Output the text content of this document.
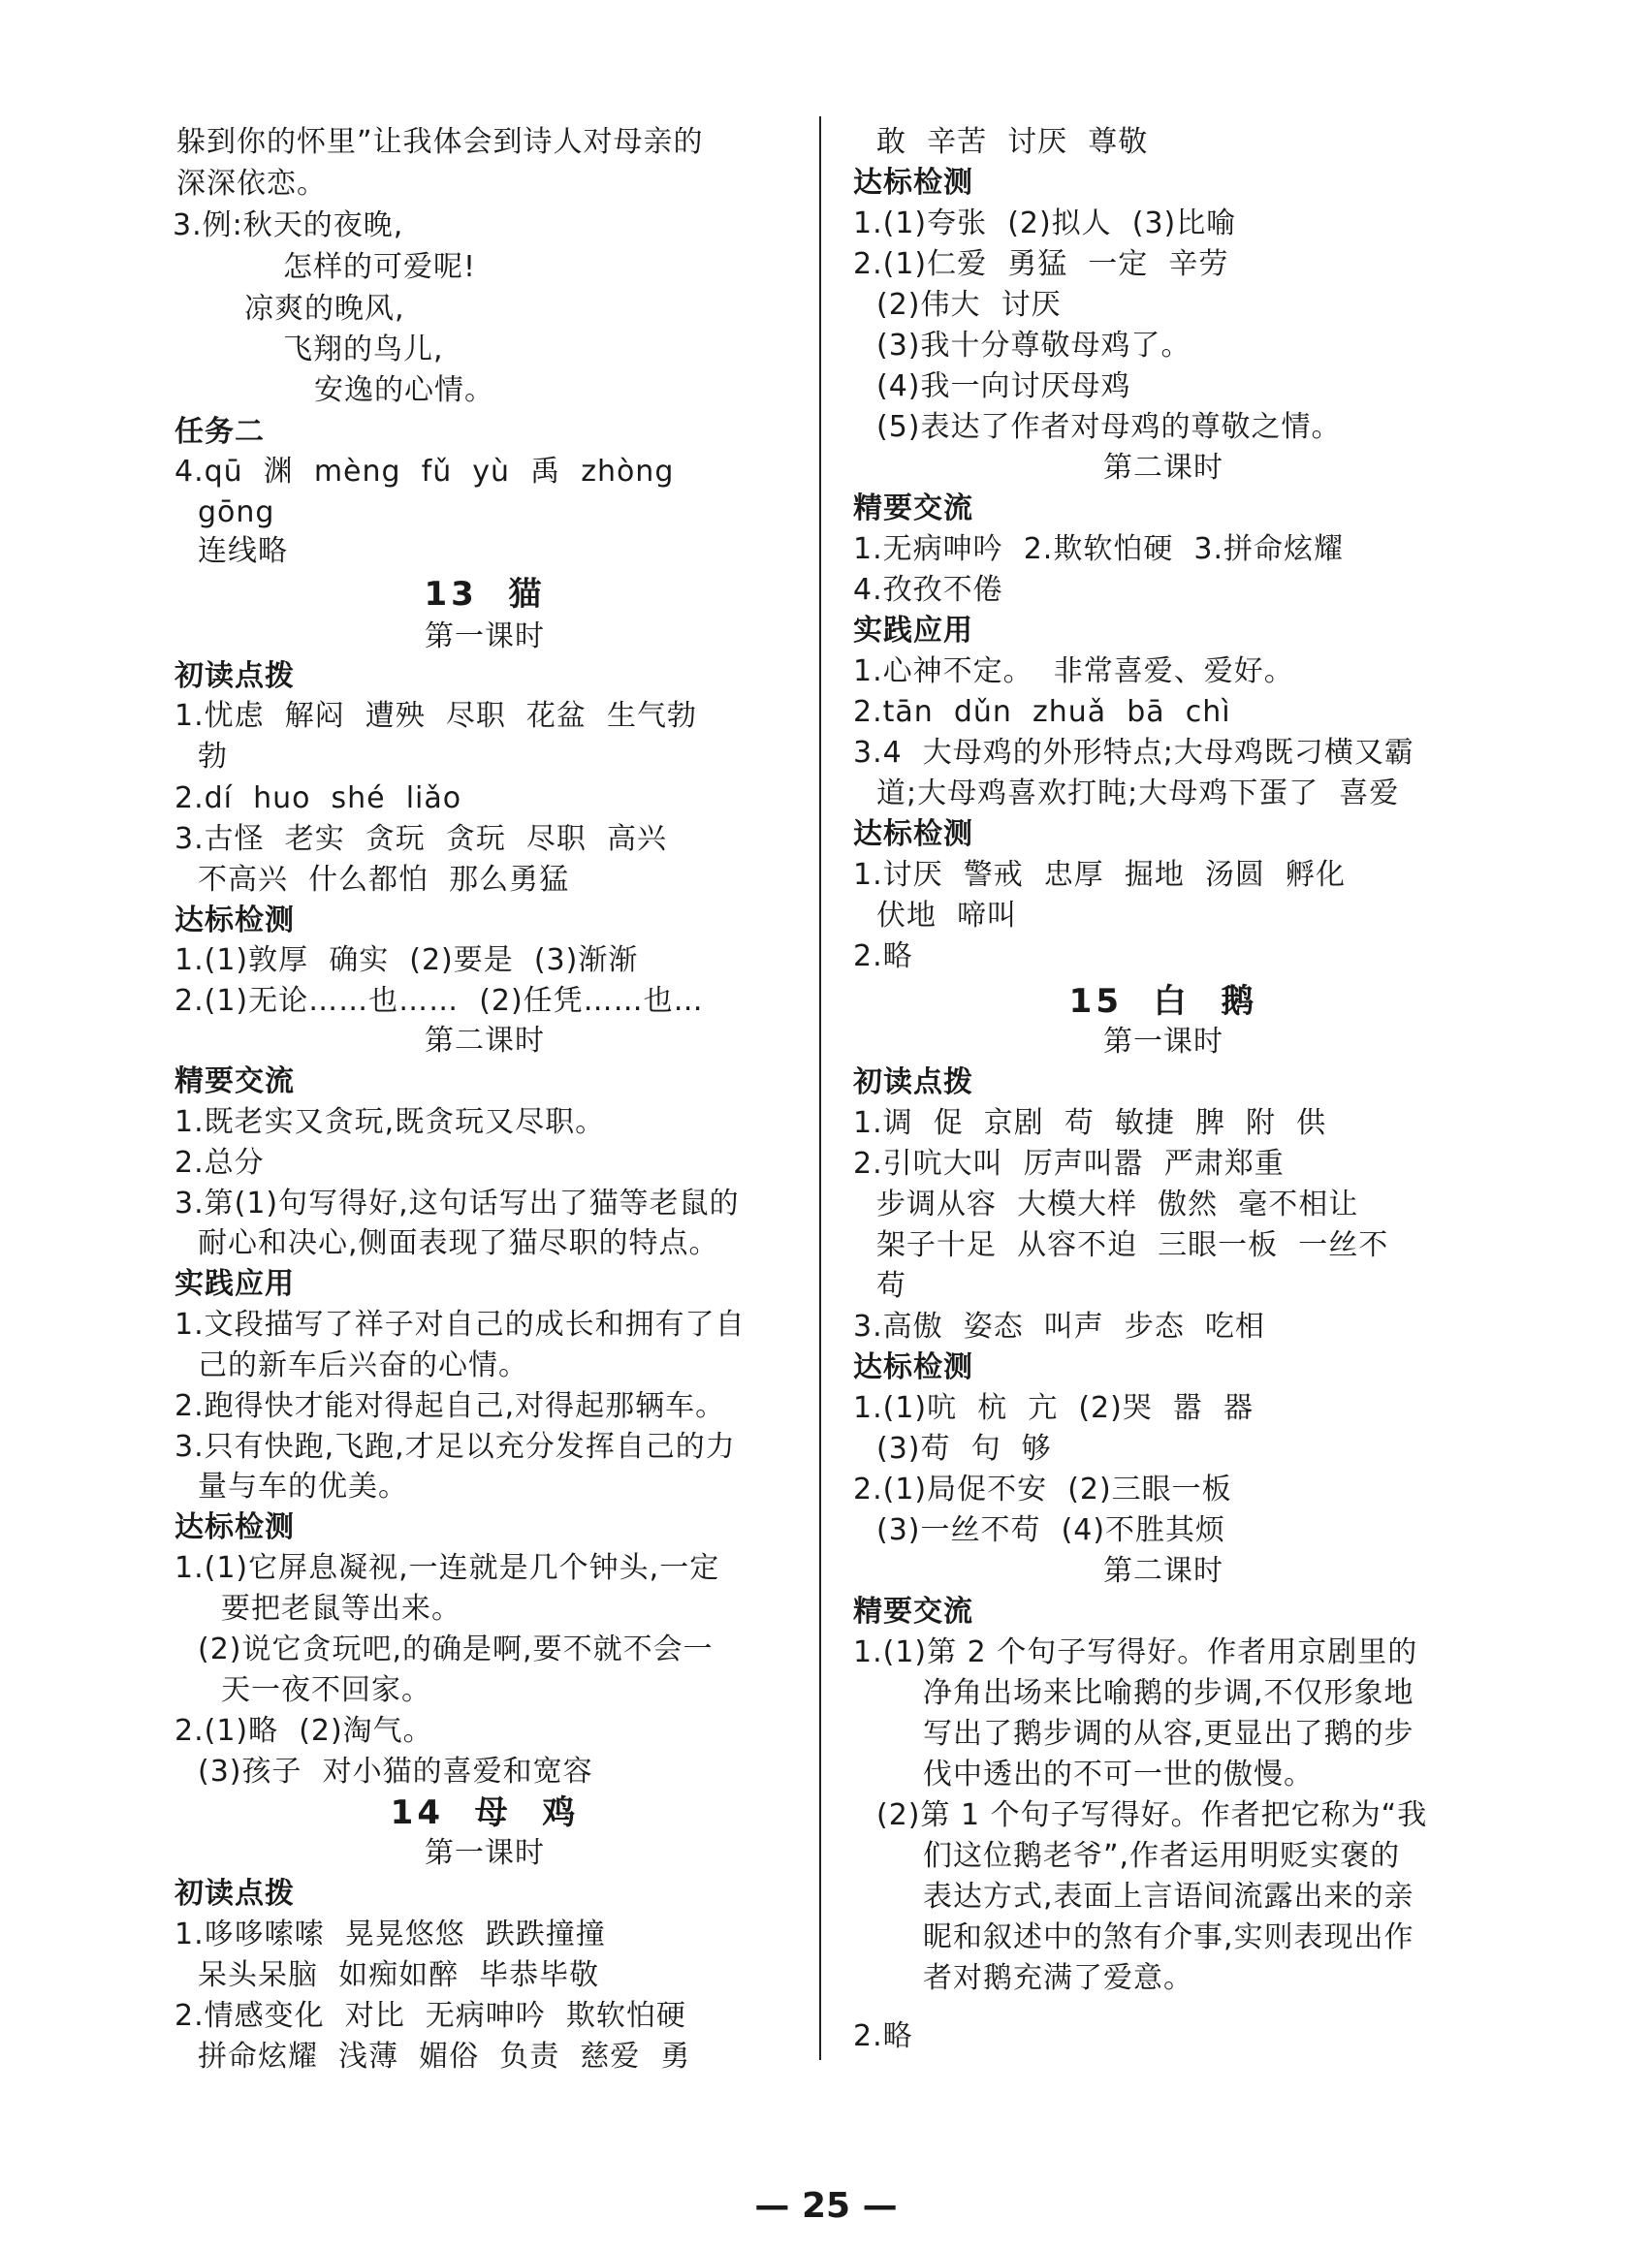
躲到你的怀里”让我体会到诗人对母亲的
深深依恋。
3.例:秋天的夜晚,
怎样的可爱呢!
凉爽的晚风,
飞翔的鸟儿,
安逸的心情。
任务二
4.qū  渊  mèng  fǔ  yù  禹  zhòng
gōng
连线略
13  猫
第一课时
初读点拨
1.忧虑  解闷  遭殃  尽职  花盆  生气勃
勃
2.dí  huo  shé  liǎo
3.古怪  老实  贪玩  贪玩  尽职  高兴
不高兴  什么都怕  那么勇猛
达标检测
1.(1)敦厚  确实  (2)要是  (3)渐渐
2.(1)无论……也……  (2)任凭……也…
第二课时
精要交流
1.既老实又贪玩,既贪玩又尽职。
2.总分
3.第(1)句写得好,这句话写出了猫等老鼠的
耐心和决心,侧面表现了猫尽职的特点。
实践应用
1.文段描写了祥子对自己的成长和拥有了自
己的新车后兴奋的心情。
2.跑得快才能对得起自己,对得起那辆车。
3.只有快跑,飞跑,才足以充分发挥自己的力
量与车的优美。
达标检测
1.(1)它屏息凝视,一连就是几个钟头,一定
要把老鼠等出来。
(2)说它贪玩吧,的确是啊,要不就不会一
天一夜不回家。
2.(1)略  (2)淘气。
(3)孩子  对小猫的喜爱和宽容
14  母  鸡
第一课时
初读点拨
1.哆哆嗦嗦  晃晃悠悠  跌跌撞撞
呆头呆脑  如痴如醉  毕恭毕敬
2.情感变化  对比  无病呻吟  欺软怕硬
拼命炫耀  浅薄  媚俗  负责  慈爱  勇
敢  辛苦  讨厌  尊敬
达标检测
1.(1)夸张  (2)拟人  (3)比喻
2.(1)仁爱  勇猛  一定  辛劳
(2)伟大  讨厌
(3)我十分尊敬母鸡了。
(4)我一向讨厌母鸡
(5)表达了作者对母鸡的尊敬之情。
第二课时
精要交流
1.无病呻吟  2.欺软怕硬  3.拼命炫耀
4.孜孜不倦
实践应用
1.心神不定。  非常喜爱、爱好。
2.tān  dǔn  zhuǎ  bā  chì
3.4  大母鸡的外形特点;大母鸡既刁横又霸
道;大母鸡喜欢打盹;大母鸡下蛋了  喜爱
达标检测
1.讨厌  警戒  忠厚  掘地  汤圆  孵化
伏地  啼叫
2.略
15  白  鹅
第一课时
初读点拨
1.调  促  京剧  苟  敏捷  脾  附  供
2.引吭大叫  厉声叫嚣  严肃郑重
步调从容  大模大样  傲然  毫不相让
架子十足  从容不迫  三眼一板  一丝不
苟
3.高傲  姿态  叫声  步态  吃相
达标检测
1.(1)吭  杭  亢  (2)哭  嚣  器
(3)苟  句  够
2.(1)局促不安  (2)三眼一板
(3)一丝不苟  (4)不胜其烦
第二课时
精要交流
1.(1)第 2 个句子写得好。作者用京剧里的
净角出场来比喻鹅的步调,不仅形象地
写出了鹅步调的从容,更显出了鹅的步
伐中透出的不可一世的傲慢。
(2)第 1 个句子写得好。作者把它称为“我
们这位鹅老爷”,作者运用明贬实褒的
表达方式,表面上言语间流露出来的亲
昵和叙述中的煞有介事,实则表现出作
者对鹅充满了爱意。
2.略
— 25 —
